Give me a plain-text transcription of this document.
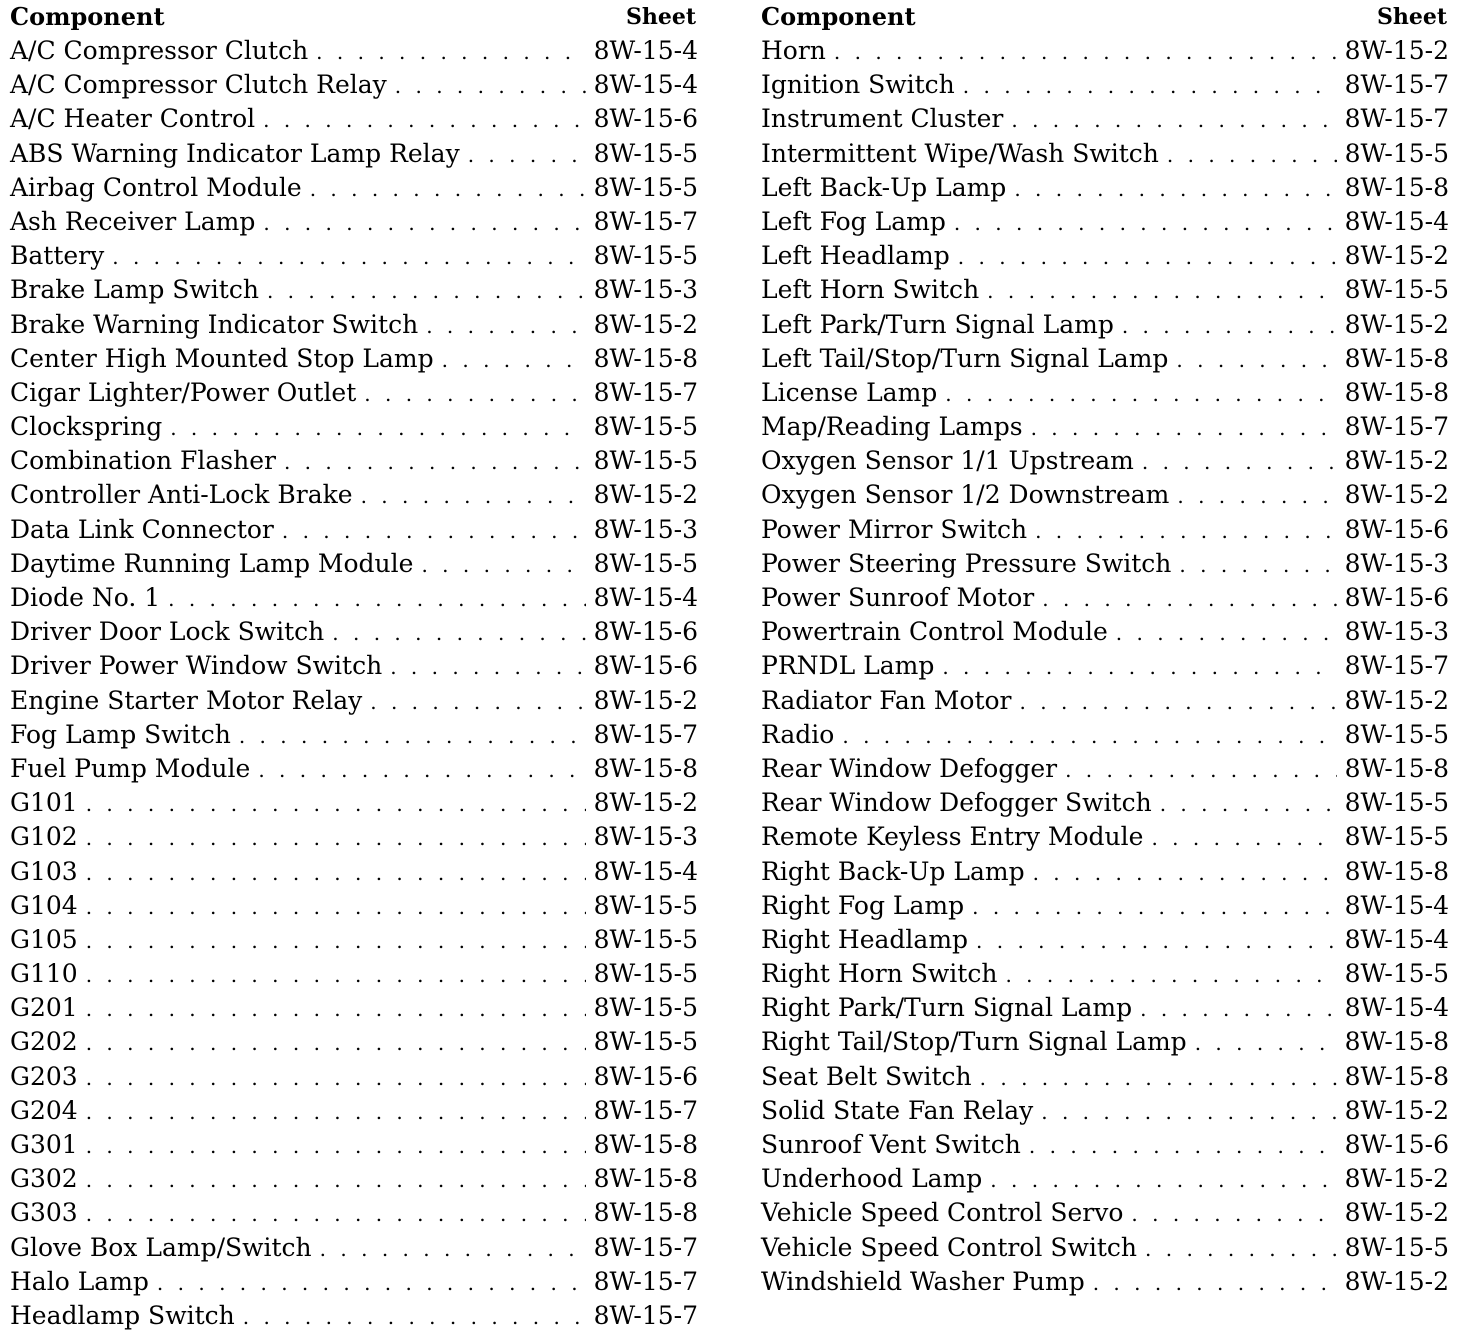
Component	Sheet
A/C Compressor Clutch . . .	8W-15-4
A/C Compressor Clutch Relay . . .	8W-15-4
A/C Heater Control . . .	8W-15-6
ABS Warning Indicator Lamp Relay . . .	8W-15-5
Airbag Control Module . . .	8W-15-5
Ash Receiver Lamp . . .	8W-15-7
Battery . . .	8W-15-5
Brake Lamp Switch . . .	8W-15-3
Brake Warning Indicator Switch . . .	8W-15-2
Center High Mounted Stop Lamp . . .	8W-15-8
Cigar Lighter/Power Outlet . . .	8W-15-7
Clockspring . . .	8W-15-5
Combination Flasher . . .	8W-15-5
Controller Anti-Lock Brake . . .	8W-15-2
Data Link Connector . . .	8W-15-3
Daytime Running Lamp Module . . .	8W-15-5
Diode No. 1 . . .	8W-15-4
Driver Door Lock Switch . . .	8W-15-6
Driver Power Window Switch . . .	8W-15-6
Engine Starter Motor Relay . . .	8W-15-2
Fog Lamp Switch . . .	8W-15-7
Fuel Pump Module . . .	8W-15-8
G101 . . .	8W-15-2
G102 . . .	8W-15-3
G103 . . .	8W-15-4
G104 . . .	8W-15-5
G105 . . .	8W-15-5
G110 . . .	8W-15-5
G201 . . .	8W-15-5
G202 . . .	8W-15-5
G203 . . .	8W-15-6
G204 . . .	8W-15-7
G301 . . .	8W-15-8
G302 . . .	8W-15-8
G303 . . .	8W-15-8
Glove Box Lamp/Switch . . .	8W-15-7
Halo Lamp . . .	8W-15-7
Headlamp Switch . . .	8W-15-7
Component	Sheet
Horn . . .	8W-15-2
Ignition Switch . . .	8W-15-7
Instrument Cluster . . .	8W-15-7
Intermittent Wipe/Wash Switch . . .	8W-15-5
Left Back-Up Lamp . . .	8W-15-8
Left Fog Lamp . . .	8W-15-4
Left Headlamp . . .	8W-15-2
Left Horn Switch . . .	8W-15-5
Left Park/Turn Signal Lamp . . .	8W-15-2
Left Tail/Stop/Turn Signal Lamp . . .	8W-15-8
License Lamp . . .	8W-15-8
Map/Reading Lamps . . .	8W-15-7
Oxygen Sensor 1/1 Upstream . . .	8W-15-2
Oxygen Sensor 1/2 Downstream . . .	8W-15-2
Power Mirror Switch . . .	8W-15-6
Power Steering Pressure Switch . . .	8W-15-3
Power Sunroof Motor . . .	8W-15-6
Powertrain Control Module . . .	8W-15-3
PRNDL Lamp . . .	8W-15-7
Radiator Fan Motor . . .	8W-15-2
Radio . . .	8W-15-5
Rear Window Defogger . . .	8W-15-8
Rear Window Defogger Switch . . .	8W-15-5
Remote Keyless Entry Module . . .	8W-15-5
Right Back-Up Lamp . . .	8W-15-8
Right Fog Lamp . . .	8W-15-4
Right Headlamp . . .	8W-15-4
Right Horn Switch . . .	8W-15-5
Right Park/Turn Signal Lamp . . .	8W-15-4
Right Tail/Stop/Turn Signal Lamp . . .	8W-15-8
Seat Belt Switch . . .	8W-15-8
Solid State Fan Relay . . .	8W-15-2
Sunroof Vent Switch . . .	8W-15-6
Underhood Lamp . . .	8W-15-2
Vehicle Speed Control Servo . . .	8W-15-2
Vehicle Speed Control Switch . . .	8W-15-5
Windshield Washer Pump . . .	8W-15-2
